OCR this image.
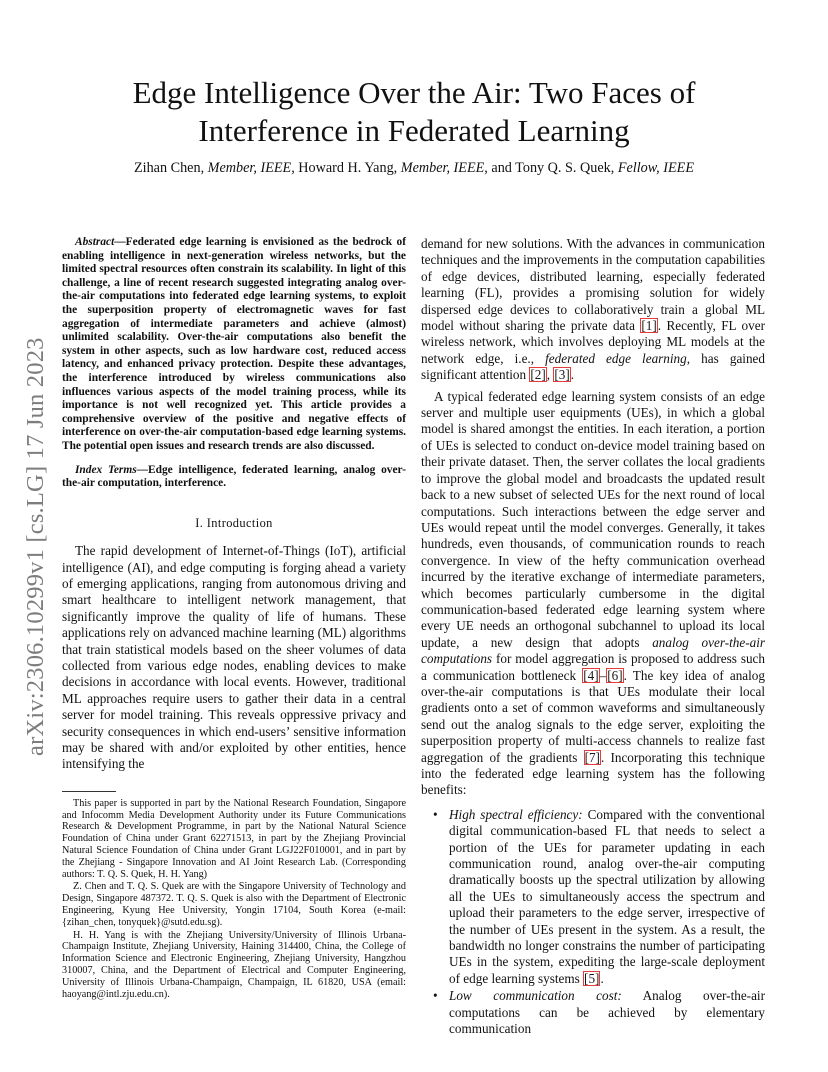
Edge Intelligence Over the Air: Two Faces of
Interference in Federated Learning
Zihan Chen, Member, IEEE, Howard H. Yang, Member, IEEE, and Tony Q. S. Quek, Fellow, IEEE
arXiv:2306.10299v1 [cs.LG] 17 Jun 2023

Abstract—Federated edge learning is envisioned as the bedrock of enabling intelligence in next-generation wireless networks, but the limited spectral resources often constrain its scalability. In light of this challenge, a line of recent research suggested integrating analog over-the-air computations into federated edge learning systems, to exploit the superposition property of electromagnetic waves for fast aggregation of intermediate parameters and achieve (almost) unlimited scalability. Over-the-air computations also benefit the system in other aspects, such as low hardware cost, reduced access latency, and enhanced privacy protection. Despite these advantages, the interference introduced by wireless communications also influences various aspects of the model training process, while its importance is not well recognized yet. This article provides a comprehensive overview of the positive and negative effects of interference on over-the-air computation-based edge learning systems. The potential open issues and research trends are also discussed.

Index Terms—Edge intelligence, federated learning, analog over-the-air computation, interference.

I. Introduction

The rapid development of Internet-of-Things (IoT), artificial intelligence (AI), and edge computing is forging ahead a variety of emerging applications, ranging from autonomous driving and smart healthcare to intelligent network management, that significantly improve the quality of life of humans. These applications rely on advanced machine learning (ML) algorithms that train statistical models based on the sheer volumes of data collected from various edge nodes, enabling devices to make decisions in accordance with local events. However, traditional ML approaches require users to gather their data in a central server for model training. This reveals oppressive privacy and security consequences in which end-users’ sensitive information may be shared with and/or exploited by other entities, hence intensifying the

This paper is supported in part by the National Research Foundation, Singapore and Infocomm Media Development Authority under its Future Communications Research & Development Programme, in part by the National Natural Science Foundation of China under Grant 62271513, in part by the Zhejiang Provincial Natural Science Foundation of China under Grant LGJ22F010001, and in part by the Zhejiang - Singapore Innovation and AI Joint Research Lab. (Corresponding authors: T. Q. S. Quek, H. H. Yang)

Z. Chen and T. Q. S. Quek are with the Singapore University of Technology and Design, Singapore 487372. T. Q. S. Quek is also with the Department of Electronic Engineering, Kyung Hee University, Yongin 17104, South Korea (e-mail: {zihan_chen, tonyquek}@sutd.edu.sg).

H. H. Yang is with the Zhejiang University/University of Illinois Urbana-Champaign Institute, Zhejiang University, Haining 314400, China, the College of Information Science and Electronic Engineering, Zhejiang University, Hangzhou 310007, China, and the Department of Electrical and Computer Engineering, University of Illinois Urbana-Champaign, Champaign, IL 61820, USA (email: haoyang@intl.zju.edu.cn).

demand for new solutions. With the advances in communication techniques and the improvements in the computation capabilities of edge devices, distributed learning, especially federated learning (FL), provides a promising solution for widely dispersed edge devices to collaboratively train a global ML model without sharing the private data [1]. Recently, FL over wireless network, which involves deploying ML models at the network edge, i.e., federated edge learning, has gained significant attention [2], [3].

A typical federated edge learning system consists of an edge server and multiple user equipments (UEs), in which a global model is shared amongst the entities. In each iteration, a portion of UEs is selected to conduct on-device model training based on their private dataset. Then, the server collates the local gradients to improve the global model and broadcasts the updated result back to a new subset of selected UEs for the next round of local computations. Such interactions between the edge server and UEs would repeat until the model converges. Generally, it takes hundreds, even thousands, of communication rounds to reach convergence. In view of the hefty communication overhead incurred by the iterative exchange of intermediate parameters, which becomes particularly cumbersome in the digital communication-based federated edge learning system where every UE needs an orthogonal subchannel to upload its local update, a new design that adopts analog over-the-air computations for model aggregation is proposed to address such a communication bottleneck [4]–[6]. The key idea of analog over-the-air computations is that UEs modulate their local gradients onto a set of common waveforms and simultaneously send out the analog signals to the edge server, exploiting the superposition property of multi-access channels to realize fast aggregation of the gradients [7]. Incorporating this technique into the federated edge learning system has the following benefits:

• High spectral efficiency: Compared with the conventional digital communication-based FL that needs to select a portion of the UEs for parameter updating in each communication round, analog over-the-air computing dramatically boosts up the spectral utilization by allowing all the UEs to simultaneously access the spectrum and upload their parameters to the edge server, irrespective of the number of UEs present in the system. As a result, the bandwidth no longer constrains the number of participating UEs in the system, expediting the large-scale deployment of edge learning systems [5].
• Low communication cost: Analog over-the-air computations can be achieved by elementary communication
